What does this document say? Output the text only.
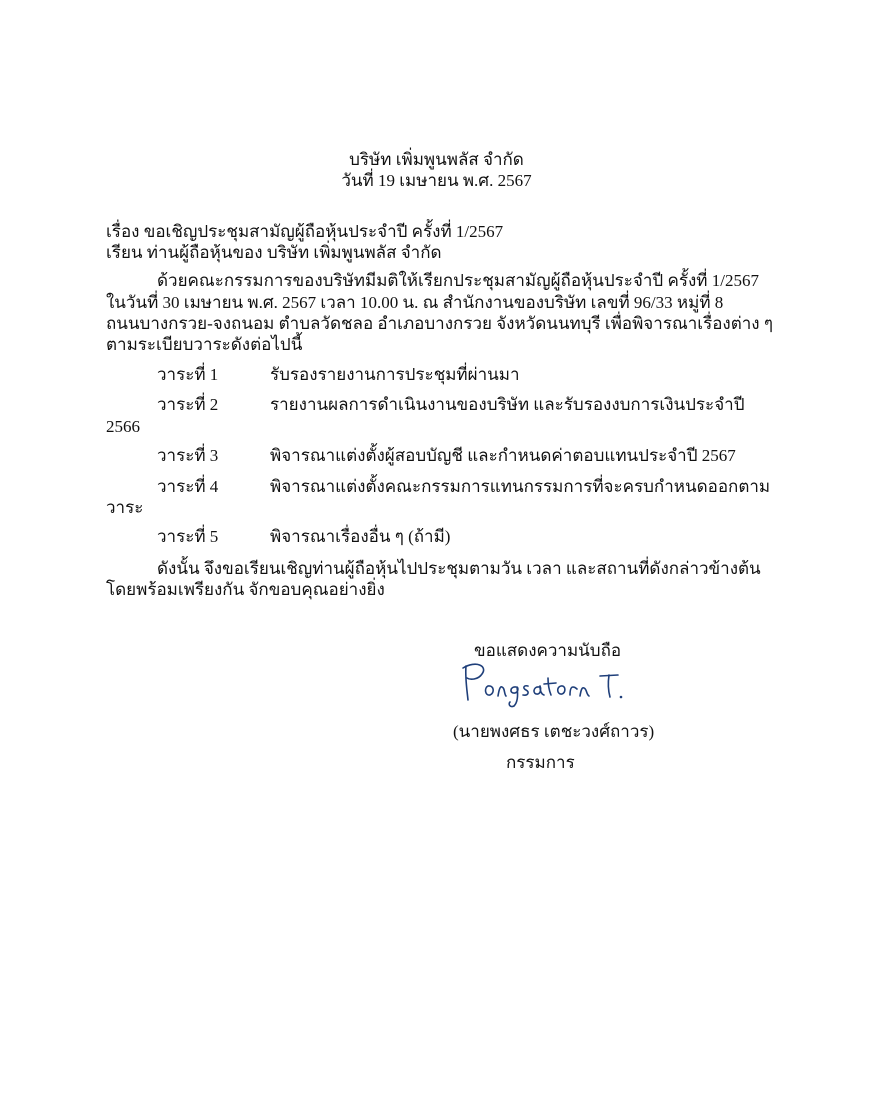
บริษัท เพิ่มพูนพลัส จำกัด
วันที่ 19 เมษายน พ.ศ. 2567
เรื่อง ขอเชิญประชุมสามัญผู้ถือหุ้นประจำปี ครั้งที่ 1/2567
เรียน ท่านผู้ถือหุ้นของ บริษัท เพิ่มพูนพลัส จำกัด
ด้วยคณะกรรมการของบริษัทมีมติให้เรียกประชุมสามัญผู้ถือหุ้นประจำปี ครั้งที่ 1/2567
ในวันที่ 30 เมษายน พ.ศ. 2567 เวลา 10.00 น. ณ สำนักงานของบริษัท เลขที่ 96/33 หมู่ที่ 8
ถนนบางกรวย-จงถนอม ตำบลวัดชลอ อำเภอบางกรวย จังหวัดนนทบุรี เพื่อพิจารณาเรื่องต่าง ๆ
ตามระเบียบวาระดังต่อไปนี้
วาระที่ 1	รับรองรายงานการประชุมที่ผ่านมา
วาระที่ 2	รายงานผลการดำเนินงานของบริษัท และรับรองงบการเงินประจำปี
2566
วาระที่ 3	พิจารณาแต่งตั้งผู้สอบบัญชี และกำหนดค่าตอบแทนประจำปี 2567
วาระที่ 4	พิจารณาแต่งตั้งคณะกรรมการแทนกรรมการที่จะครบกำหนดออกตาม
วาระ
วาระที่ 5	พิจารณาเรื่องอื่น ๆ (ถ้ามี)
ดังนั้น จึงขอเรียนเชิญท่านผู้ถือหุ้นไปประชุมตามวัน เวลา และสถานที่ดังกล่าวข้างต้น
โดยพร้อมเพรียงกัน จักขอบคุณอย่างยิ่ง
ขอแสดงความนับถือ
(นายพงศธร เตชะวงศ์ถาวร)
กรรมการ
